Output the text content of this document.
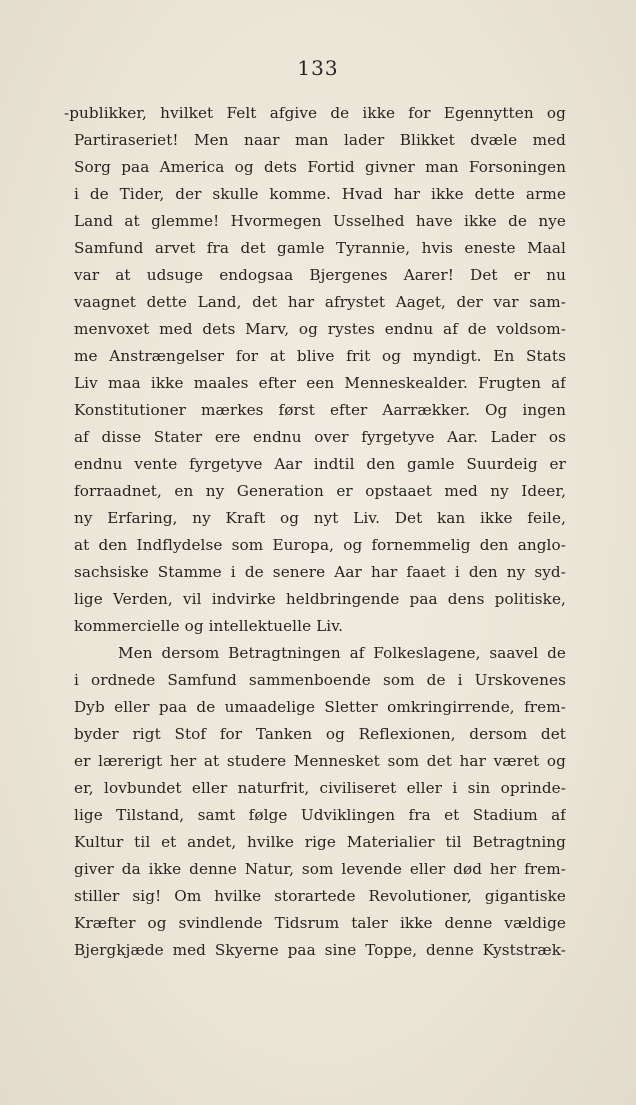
133
-publikker, hvilket Felt afgive de ikke for Egennytten og
Partiraseriet! Men naar man lader Blikket dvæle med
Sorg paa America og dets Fortid givner man Forsoningen
i de Tider, der skulle komme. Hvad har ikke dette arme
Land at glemme! Hvormegen Usselhed have ikke de nye
Samfund arvet fra det gamle Tyrannie, hvis eneste Maal
var at udsuge endogsaa Bjergenes Aarer! Det er nu
vaagnet dette Land, det har afrystet Aaget, der var sam-
menvoxet med dets Marv, og rystes endnu af de voldsom-
me Anstrængelser for at blive frit og myndigt. En Stats
Liv maa ikke maales efter een Menneskealder. Frugten af
Konstitutioner mærkes først efter Aarrækker. Og ingen
af disse Stater ere endnu over fyrgetyve Aar. Lader os
endnu vente fyrgetyve Aar indtil den gamle Suurdeig er
forraadnet, en ny Generation er opstaaet med ny Ideer,
ny Erfaring, ny Kraft og nyt Liv. Det kan ikke feile,
at den Indflydelse som Europa, og fornemmelig den anglo-
sachsiske Stamme i de senere Aar har faaet i den ny syd-
lige Verden, vil indvirke heldbringende paa dens politiske,
kommercielle og intellektuelle Liv.
Men dersom Betragtningen af Folkeslagene, saavel de
i ordnede Samfund sammenboende som de i Urskovenes
Dyb eller paa de umaadelige Sletter omkringirrende, frem-
byder rigt Stof for Tanken og Reflexionen, dersom det
er lærerigt her at studere Mennesket som det har været og
er, lovbundet eller naturfrit, civiliseret eller i sin oprinde-
lige Tilstand, samt følge Udviklingen fra et Stadium af
Kultur til et andet, hvilke rige Materialier til Betragtning
giver da ikke denne Natur, som levende eller død her frem-
stiller sig! Om hvilke storartede Revolutioner, gigantiske
Kræfter og svindlende Tidsrum taler ikke denne vældige
Bjergkjæde med Skyerne paa sine Toppe, denne Kyststræk-
